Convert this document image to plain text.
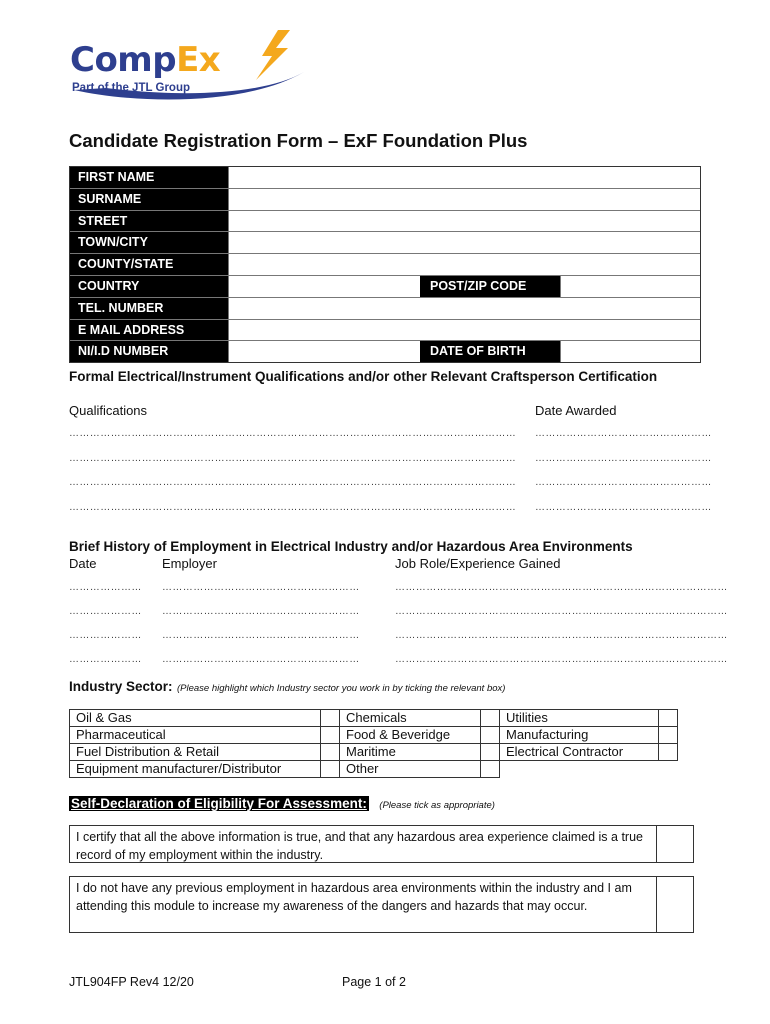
CompEx
Part of the JTL Group
Candidate Registration Form – ExF Foundation Plus
FIRST NAME
SURNAME
STREET
TOWN/CITY
COUNTY/STATE
COUNTRY	POST/ZIP CODE
TEL. NUMBER
E MAIL ADDRESS
NI/I.D NUMBER	DATE OF BIRTH
Formal Electrical/Instrument Qualifications and/or other Relevant Craftsperson Certification
Qualifications	Date Awarded
………………………………………………………………………………………………………………… ……………………………………………
………………………………………………………………………………………………………………… ……………………………………………
………………………………………………………………………………………………………………… ……………………………………………
………………………………………………………………………………………………………………… ……………………………………………
Brief History of Employment in Electrical Industry and/or Hazardous Area Environments
Date	Employer	Job Role/Experience Gained
………………… …………………………………………………	……………………………………………………………………………………
………………… …………………………………………………	……………………………………………………………………………………
………………… …………………………………………………	……………………………………………………………………………………
………………… …………………………………………………	……………………………………………………………………………………
Industry Sector: (Please highlight which Industry sector you work in by ticking the relevant box)
Oil & Gas		Chemicals		Utilities	
Pharmaceutical		Food & Beveridge		Manufacturing	
Fuel Distribution & Retail		Maritime		Electrical Contractor	
Equipment manufacturer/Distributor		Other			
Self-Declaration of Eligibility For Assessment: (Please tick as appropriate)
I certify that all the above information is true, and that any hazardous area experience claimed is a true record of my employment within the industry.
I do not have any previous employment in hazardous area environments within the industry and I am attending this module to increase my awareness of the dangers and hazards that may occur.
JTL904FP Rev4 12/20	Page 1 of 2
